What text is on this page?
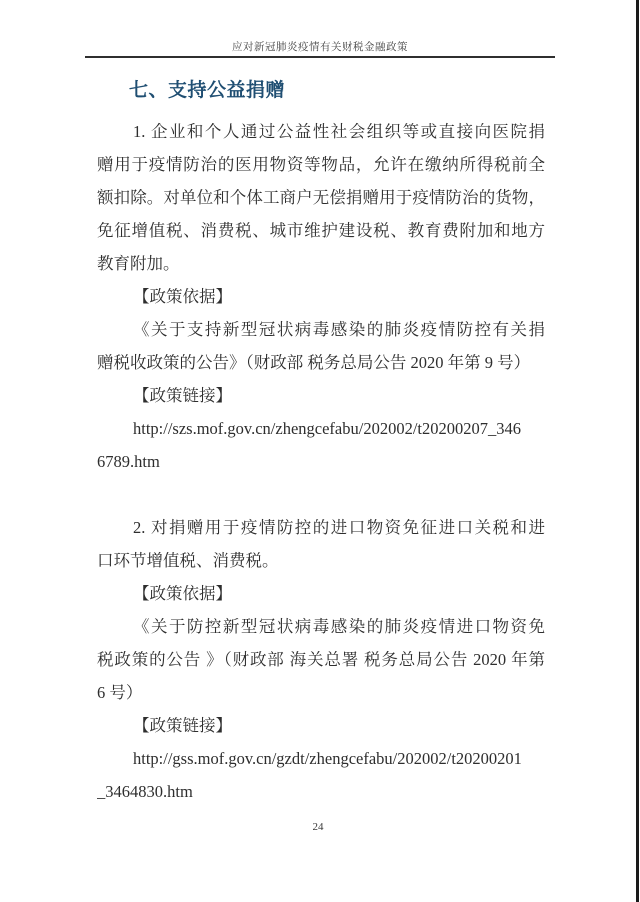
应对新冠肺炎疫情有关财税金融政策
七、支持公益捐赠
1. 企业和个人通过公益性社会组织等或直接向医院捐
赠用于疫情防治的医用物资等物品，允许在缴纳所得税前全
额扣除。对单位和个体工商户无偿捐赠用于疫情防治的货物，
免征增值税、消费税、城市维护建设税、教育费附加和地方
教育附加。
【政策依据】
《关于支持新型冠状病毒感染的肺炎疫情防控有关捐
赠税收政策的公告》（财政部 税务总局公告 2020 年第 9 号）
【政策链接】
http://szs.mof.gov.cn/zhengcefabu/202002/t20200207_346
6789.htm
2. 对捐赠用于疫情防控的进口物资免征进口关税和进
口环节增值税、消费税。
【政策依据】
《关于防控新型冠状病毒感染的肺炎疫情进口物资免
税政策的公告 》（财政部 海关总署 税务总局公告 2020 年第
6 号）
【政策链接】
http://gss.mof.gov.cn/gzdt/zhengcefabu/202002/t20200201
_3464830.htm
24
